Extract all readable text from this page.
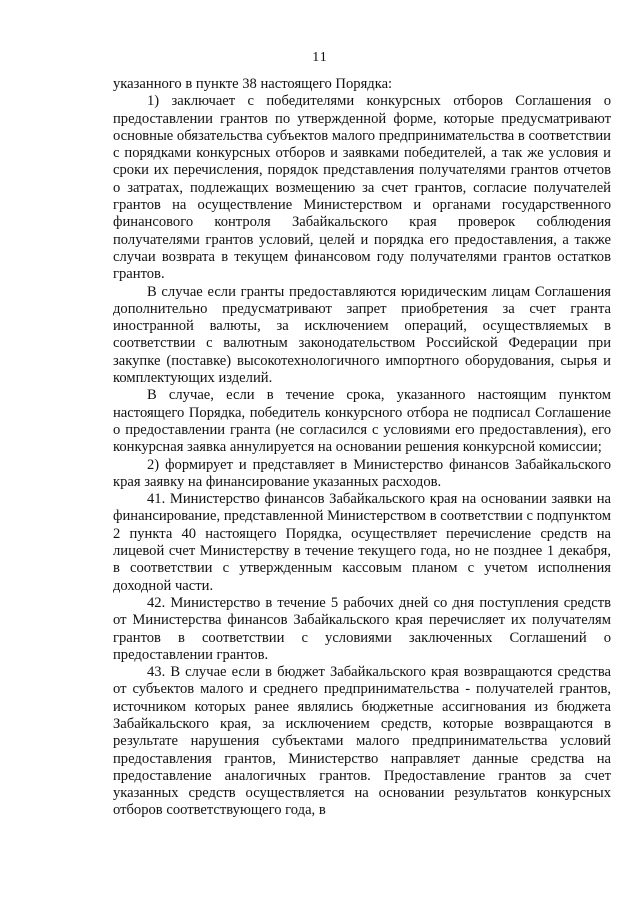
11

указанного в пункте 38 настоящего Порядка:

1) заключает с победителями конкурсных отборов Соглашения о предоставлении грантов по утвержденной форме, которые предусматривают основные обязательства субъектов малого предпринимательства в соответствии с порядками конкурсных отборов и заявками победителей, а так же условия и сроки их перечисления, порядок представления получателями грантов отчетов о затратах, подлежащих возмещению за счет грантов, согласие получателей грантов на осуществление Министерством и органами государственного финансового контроля Забайкальского края проверок соблюдения получателями грантов условий, целей и порядка его предоставления, а также случаи возврата в текущем финансовом году получателями грантов остатков грантов.

В случае если гранты предоставляются юридическим лицам Соглашения дополнительно предусматривают запрет приобретения за счет гранта иностранной валюты, за исключением операций, осуществляемых в соответствии с валютным законодательством Российской Федерации при закупке (поставке) высокотехнологичного импортного оборудования, сырья и комплектующих изделий.

В случае, если в течение срока, указанного настоящим пунктом настоящего Порядка, победитель конкурсного отбора не подписал Соглашение о предоставлении гранта (не согласился с условиями его предоставления), его конкурсная заявка аннулируется на основании решения конкурсной комиссии;

2) формирует и представляет в Министерство финансов Забайкальского края заявку на финансирование указанных расходов.

41. Министерство финансов Забайкальского края на основании заявки на финансирование, представленной Министерством в соответствии с подпунктом 2 пункта 40 настоящего Порядка, осуществляет перечисление средств на лицевой счет Министерству в течение текущего года, но не позднее 1 декабря, в соответствии с утвержденным кассовым планом с учетом исполнения доходной части.

42. Министерство в течение 5 рабочих дней со дня поступления средств от Министерства финансов Забайкальского края перечисляет их получателям грантов в соответствии с условиями заключенных Соглашений о предоставлении грантов.

43. В случае если в бюджет Забайкальского края возвращаются средства от субъектов малого и среднего предпринимательства - получателей грантов, источником которых ранее являлись бюджетные ассигнования из бюджета Забайкальского края, за исключением средств, которые возвращаются в результате нарушения субъектами малого предпринимательства условий предоставления грантов, Министерство направляет данные средства на предоставление аналогичных грантов. Предоставление грантов за счет указанных средств осуществляется на основании результатов конкурсных отборов соответствующего года, в
